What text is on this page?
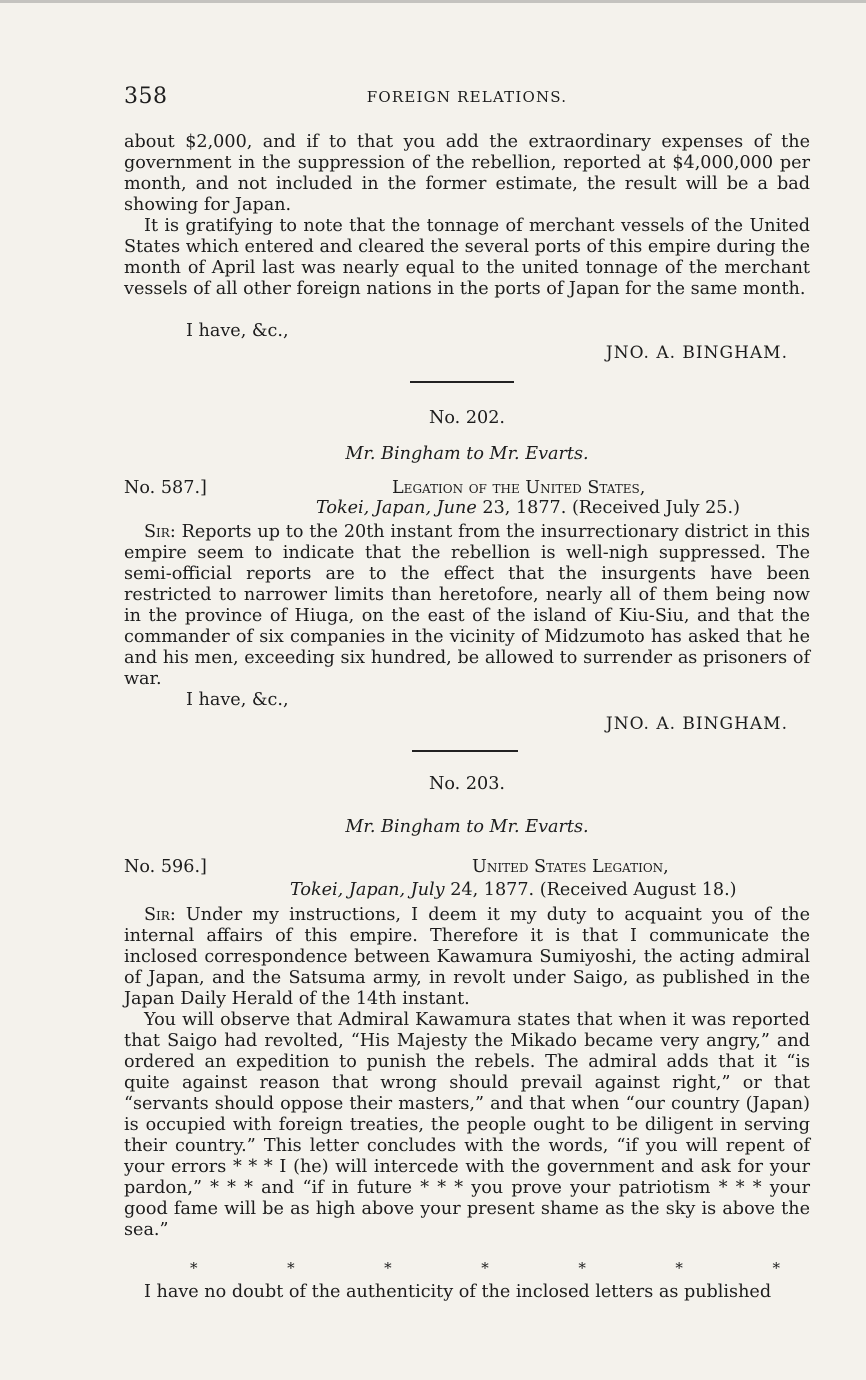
358	FOREIGN RELATIONS.

about $2,000, and if to that you add the extraordinary expenses of the government in the suppression of the rebellion, reported at $4,000,000 per month, and not included in the former estimate, the result will be a bad showing for Japan.

It is gratifying to note that the tonnage of merchant vessels of the United States which entered and cleared the several ports of this empire during the month of April last was nearly equal to the united tonnage of the merchant vessels of all other foreign nations in the ports of Japan for the same month.

I have, &c.,

JNO. A. BINGHAM.
No. 202.
Mr. Bingham to Mr. Evarts.
No. 587.]	Legation of the United States,
Tokei, Japan, June 23, 1877. (Received July 25.)

Sir: Reports up to the 20th instant from the insurrectionary district in this empire seem to indicate that the rebellion is well-nigh suppressed. The semi-official reports are to the effect that the insurgents have been restricted to narrower limits than heretofore, nearly all of them being now in the province of Hiuga, on the east of the island of Kiu-Siu, and that the commander of six companies in the vicinity of Midzumoto has asked that he and his men, exceeding six hundred, be allowed to surrender as prisoners of war.

I have, &c.,

JNO. A. BINGHAM.
No. 203.
Mr. Bingham to Mr. Evarts.
No. 596.]	United States Legation,
Tokei, Japan, July 24, 1877. (Received August 18.)

Sir: Under my instructions, I deem it my duty to acquaint you of the internal affairs of this empire. Therefore it is that I communicate the inclosed correspondence between Kawamura Sumiyoshi, the acting admiral of Japan, and the Satsuma army, in revolt under Saigo, as published in the Japan Daily Herald of the 14th instant.

You will observe that Admiral Kawamura states that when it was reported that Saigo had revolted, “His Majesty the Mikado became very angry,” and ordered an expedition to punish the rebels. The admiral adds that it “is quite against reason that wrong should prevail against right,” or that “servants should oppose their masters,” and that when “our country (Japan) is occupied with foreign treaties, the people ought to be diligent in serving their country.” This letter concludes with the words, “if you will repent of your errors * * * I (he) will intercede with the government and ask for your pardon,” * * * and “if in future * * * you prove your patriotism * * * your good fame will be as high above your present shame as the sky is above the sea.”

*	*	*	*	*	*	*

I have no doubt of the authenticity of the inclosed letters as published
